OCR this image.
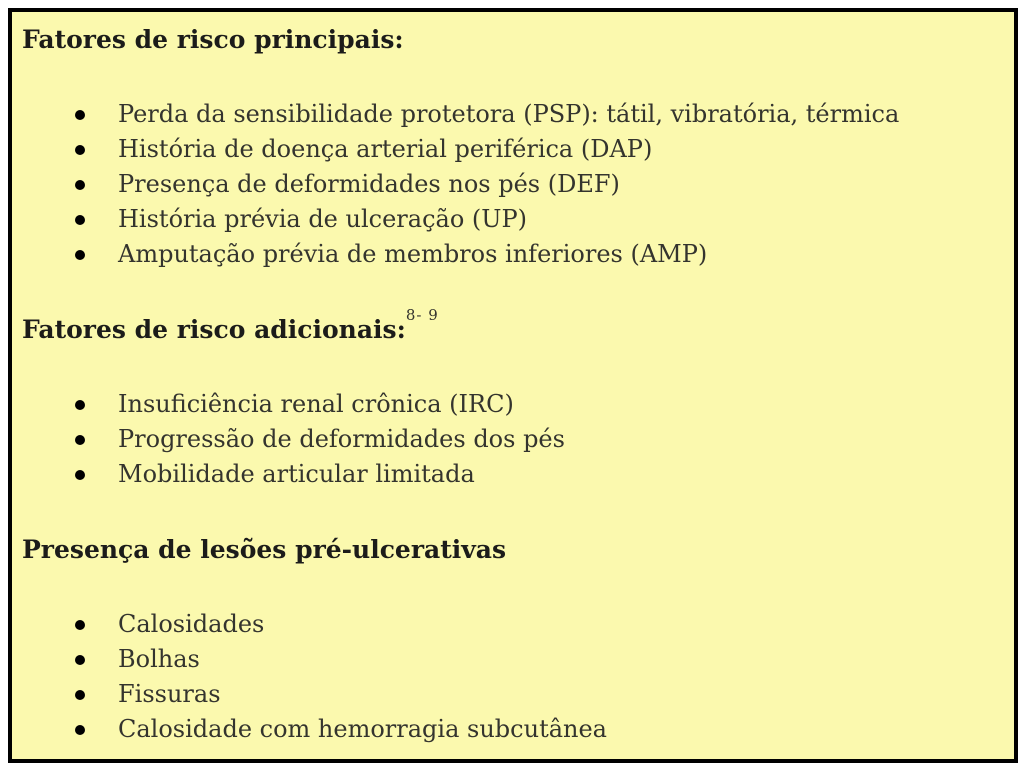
Fatores de risco principais:
Perda da sensibilidade protetora (PSP): tátil, vibratória, térmica
História de doença arterial periférica (DAP)
Presença de deformidades nos pés (DEF)
História prévia de ulceração (UP)
Amputação prévia de membros inferiores (AMP)
Fatores de risco adicionais:$^{8- 9}$
Insuficiência renal crônica (IRC)
Progressão de deformidades dos pés
Mobilidade articular limitada
Presença de lesões pré-ulcerativas
Calosidades
Bolhas
Fissuras
Calosidade com hemorragia subcutânea
